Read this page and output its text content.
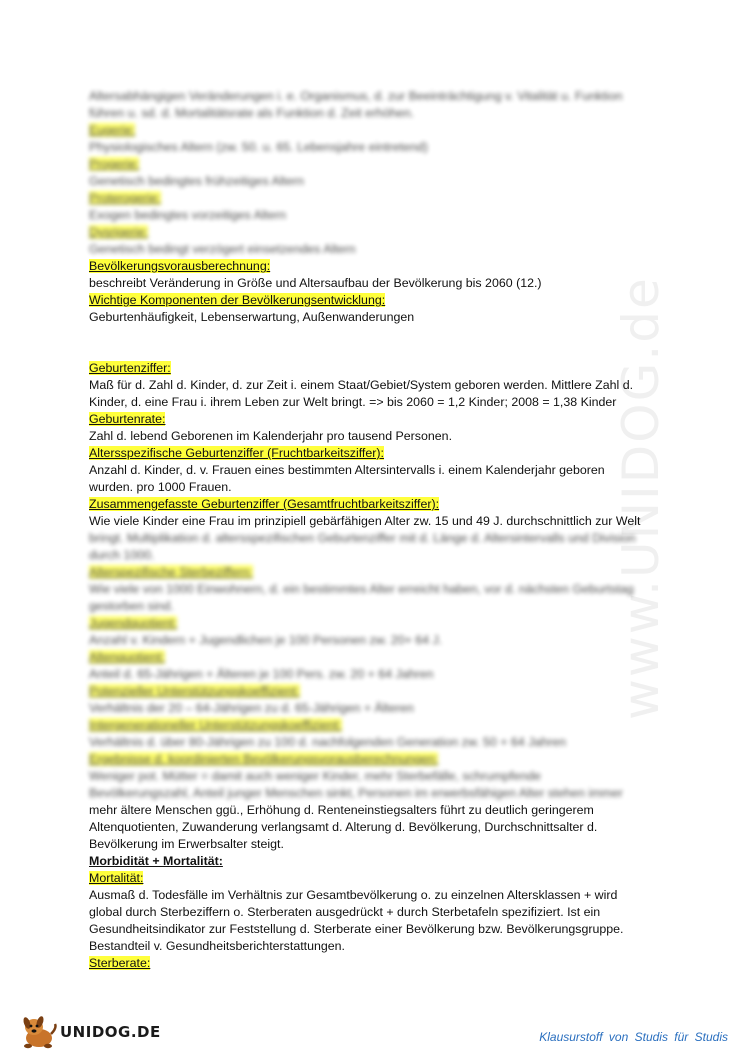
www.UNIDOG.de

Altersabhängigen Veränderungen i. e. Organismus, d. zur Beeinträchtigung v. Vitalität u. Funktion

führen u. sd. d. Mortalitätsrate als Funktion d. Zeit erhöhen.

Eugerie:

Physiologisches Altern (zw. 50. u. 65. Lebensjahre eintretend)

Progerie:

Genetisch bedingtes frühzeitiges Altern

Proterogerie:

Exogen bedingtes vorzeitiges Altern

Dysrigerie:

Genetisch bedingt verzögert einsetzendes Altern

Bevölkerungsvorausberechnung:

beschreibt Veränderung in Größe und Altersaufbau der Bevölkerung bis 2060 (12.)

Wichtige Komponenten der Bevölkerungsentwicklung:

Geburtenhäufigkeit, Lebenserwartung, Außenwanderungen

Geburtenziffer:

Maß für d. Zahl d. Kinder, d. zur Zeit i. einem Staat/Gebiet/System geboren werden. Mittlere Zahl d.

Kinder, d. eine Frau i. ihrem Leben zur Welt bringt. => bis 2060 = 1,2 Kinder; 2008 = 1,38 Kinder

Geburtenrate:

Zahl d. lebend Geborenen im Kalenderjahr pro tausend Personen.

Altersspezifische Geburtenziffer (Fruchtbarkeitsziffer):

Anzahl d. Kinder, d. v. Frauen eines bestimmten Altersintervalls i. einem Kalenderjahr geboren

wurden. pro 1000 Frauen.

Zusammengefasste Geburtenziffer (Gesamtfruchtbarkeitsziffer):

Wie viele Kinder eine Frau im prinzipiell gebärfähigen Alter zw. 15 und 49 J. durchschnittlich zur Welt

bringt. Multiplikation d. altersspezifischen Geburtenziffer mit d. Länge d. Altersintervalls und Division

durch 1000.

Alterspezifische Sterbeziffern:

Wie viele von 1000 Einwohnern, d. ein bestimmtes Alter erreicht haben, vor d. nächsten Geburtstag

gestorben sind.

Jugendquotient:

Anzahl v. Kindern + Jugendlichen je 100 Personen zw. 20+ 64 J.

Altenquotient:

Anteil d. 65-Jährigen + Älteren je 100 Pers. zw. 20 + 64 Jahren

Potenzieller Unterstützungskoeffizient:

Verhältnis der 20 – 64-Jährigen zu d. 65-Jährigen + Älteren

Intergenerationeller Unterstützungskoeffizient:

Verhältnis d. über 80-Jährigen zu 100 d. nachfolgenden Generation zw. 50 + 64 Jahren

Ergebnisse d. koordinierten Bevölkerungsvorausberechnungen:

Weniger pot. Mütter = damit auch weniger Kinder, mehr Sterbefälle, schrumpfende

Bevölkerungszahl, Anteil junger Menschen sinkt, Personen im erwerbsfähigen Alter stehen immer

mehr ältere Menschen ggü., Erhöhung d. Renteneinstiegsalters führt zu deutlich geringerem

Altenquotienten, Zuwanderung verlangsamt d. Alterung d. Bevölkerung, Durchschnittsalter d.

Bevölkerung im Erwerbsalter steigt.

Morbidität + Mortalität:

Mortalität:

Ausmaß d. Todesfälle im Verhältnis zur Gesamtbevölkerung o. zu einzelnen Altersklassen + wird

global durch Sterbeziffern o. Sterberaten ausgedrückt + durch Sterbetafeln spezifiziert. Ist ein

Gesundheitsindikator zur Feststellung d. Sterberate einer Bevölkerung bzw. Bevölkerungsgruppe.

Bestandteil v. Gesundheitsberichterstattungen.

Sterberate:

UNIDOG.DE	Klausurstoff von Studis für Studis
